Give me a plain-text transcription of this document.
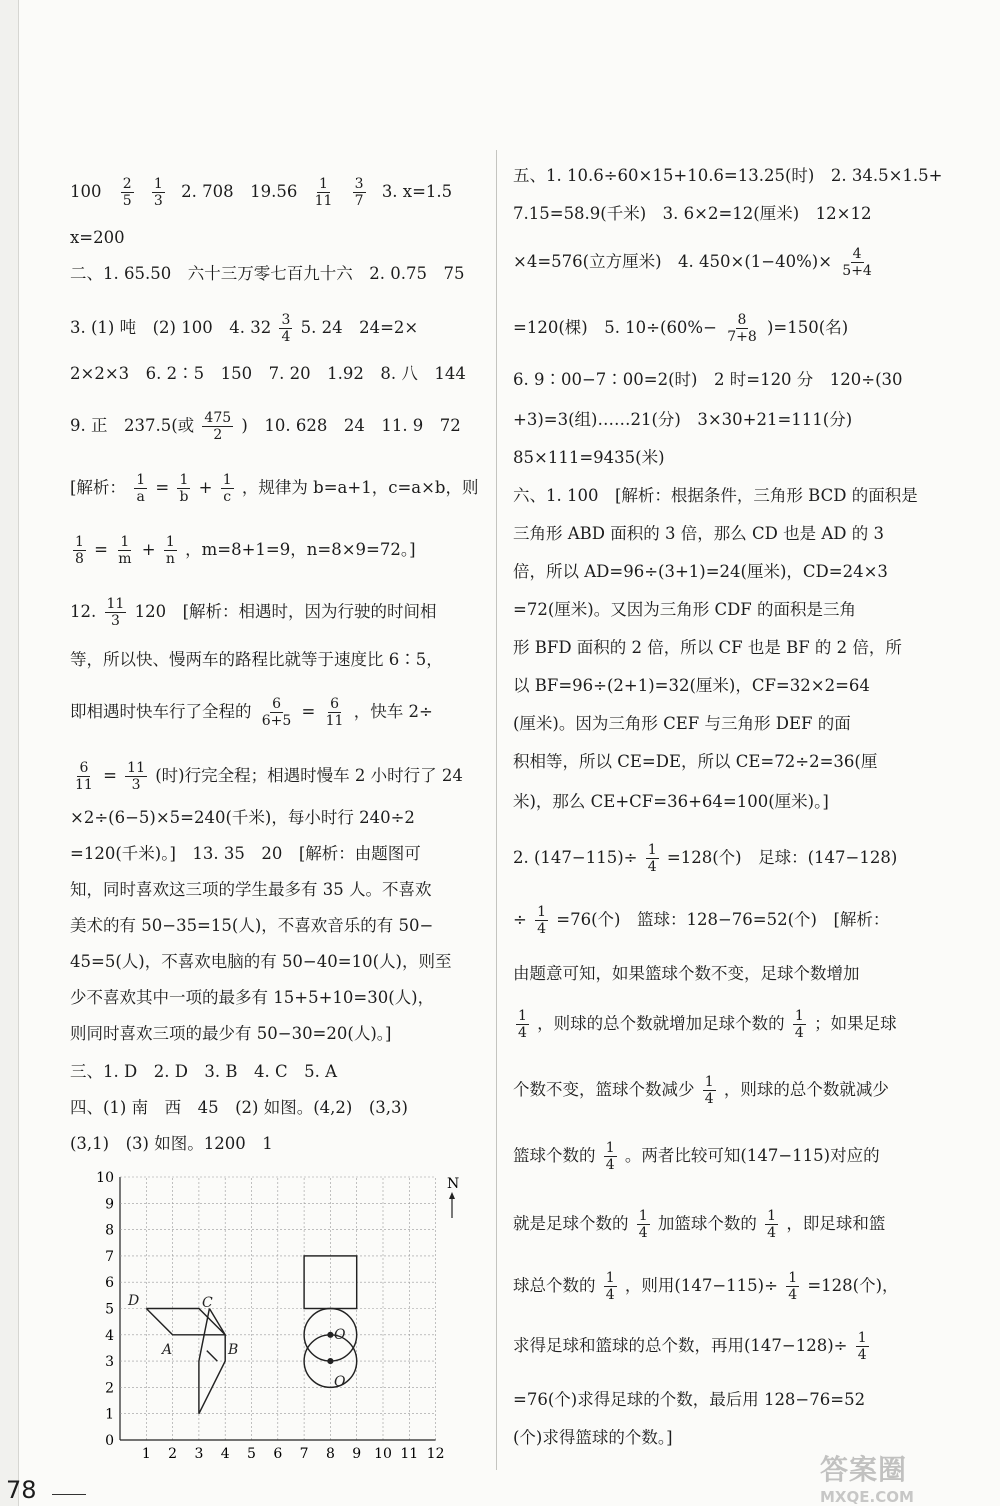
$100 \frac{2}{5}$
$\frac{1}{3} 2$. 708　$19.56 \frac{1}{11}$
$\frac{3}{7} 3$. x=1.5
x=200
二、1. 65.50　六十三万零七百九十六　2. 0.75　75
3. (1) 吨　(2) 100　4. $32 \frac{3}{4} 5$. 24　24=2×
2×2×3　6. 2∶5　150　7. 20　1.92　8. 八　144
9. 正　237.5(或 $\frac{475}{2}$ )　10. 628　24　11. 9　72
[解析： $\frac{1}{a} = \frac{1}{b} + \frac{1}{c}$ ，规律为 b=a+1，c=a×b，则
$\frac{1}{8} = \frac{1}{m} + \frac{1}{n}$ ，m=8+1=9，n=8×9=72。]
12. $\frac{11}{3} 120$　[解析：相遇时，因为行驶的时间相
等，所以快、慢两车的路程比就等于速度比 6∶5，
即相遇时快车行了全程的 $\frac{6}{6+5} = \frac{6}{11}$ ，快车 2÷
$\frac{6}{11} = \frac{11}{3}$ (时)行完全程；相遇时慢车 2 小时行了 24
×2÷(6−5)×5=240(千米)，每小时行 240÷2
=120(千米)。]　13. 35　20　[解析：由题图可
知，同时喜欢这三项的学生最多有 35 人。不喜欢
美术的有 50−35=15(人)，不喜欢音乐的有 50−
45=5(人)，不喜欢电脑的有 50−40=10(人)，则至
少不喜欢其中一项的最多有 15+5+10=30(人)，
则同时喜欢三项的最少有 50−30=20(人)。]
三、1. D　2. D　3. B　4. C　5. A
四、(1) 南　西　45　(2) 如图。(4,2)　(3,3)
(3,1)　(3) 如图。1200　1
0
1
2
3
4
5
6
7
8
9
10
1 2 3 4 5 6 7 8 9 10 11 12
N
D	C
A	B
O
O
五、1. 10.6÷60×15+10.6=13.25(时)　2. 34.5×1.5+
7.15=58.9(千米)　3. 6×2=12(厘米)　12×12
×4=576(立方厘米)　4. $450\times(1-40\%)\times \frac{4}{5+4}$
=120(棵)　5. $10\div(60\%- \frac{8}{7+8} )=150$(名)
6. 9∶00−7∶00=2(时)　2 时=120 分　120÷(30
+3)=3(组)……21(分)　3×30+21=111(分)
85×111=9435(米)
六、1. 100　[解析：根据条件，三角形 BCD 的面积是
三角形 ABD 面积的 3 倍，那么 CD 也是 AD 的 3
倍，所以 AD=96÷(3+1)=24(厘米)，CD=24×3
=72(厘米)。又因为三角形 CDF 的面积是三角
形 BFD 面积的 2 倍，所以 CF 也是 BF 的 2 倍，所
以 BF=96÷(2+1)=32(厘米)，CF=32×2=64
(厘米)。因为三角形 CEF 与三角形 DEF 的面
积相等，所以 CE=DE，所以 CE=72÷2=36(厘
米)，那么 CE+CF=36+64=100(厘米)。]
2. $(147-115)\div \frac{1}{4} =128$(个)　足球：(147−128)
÷ $\frac{1}{4} =76$(个)　篮球：128−76=52(个)　[解析：
由题意可知，如果篮球个数不变，足球个数增加
$\frac{1}{4}$ ，则球的总个数就增加足球个数的 $\frac{1}{4}$ ；如果足球
个数不变，篮球个数减少 $\frac{1}{4}$ ，则球的总个数就减少
篮球个数的 $\frac{1}{4}$ 。两者比较可知(147−115)对应的
就是足球个数的 $\frac{1}{4}$ 加篮球个数的 $\frac{1}{4}$ ，即足球和篮
球总个数的 $\frac{1}{4}$ ，则用$(147-115)\div \frac{1}{4} =128$(个)，
求得足球和篮球的总个数，再用$(147-128)\div \frac{1}{4}$
=76(个)求得足球的个数，最后用 128−76=52
(个)求得篮球的个数。]
78
答案圈
MXQE.COM
